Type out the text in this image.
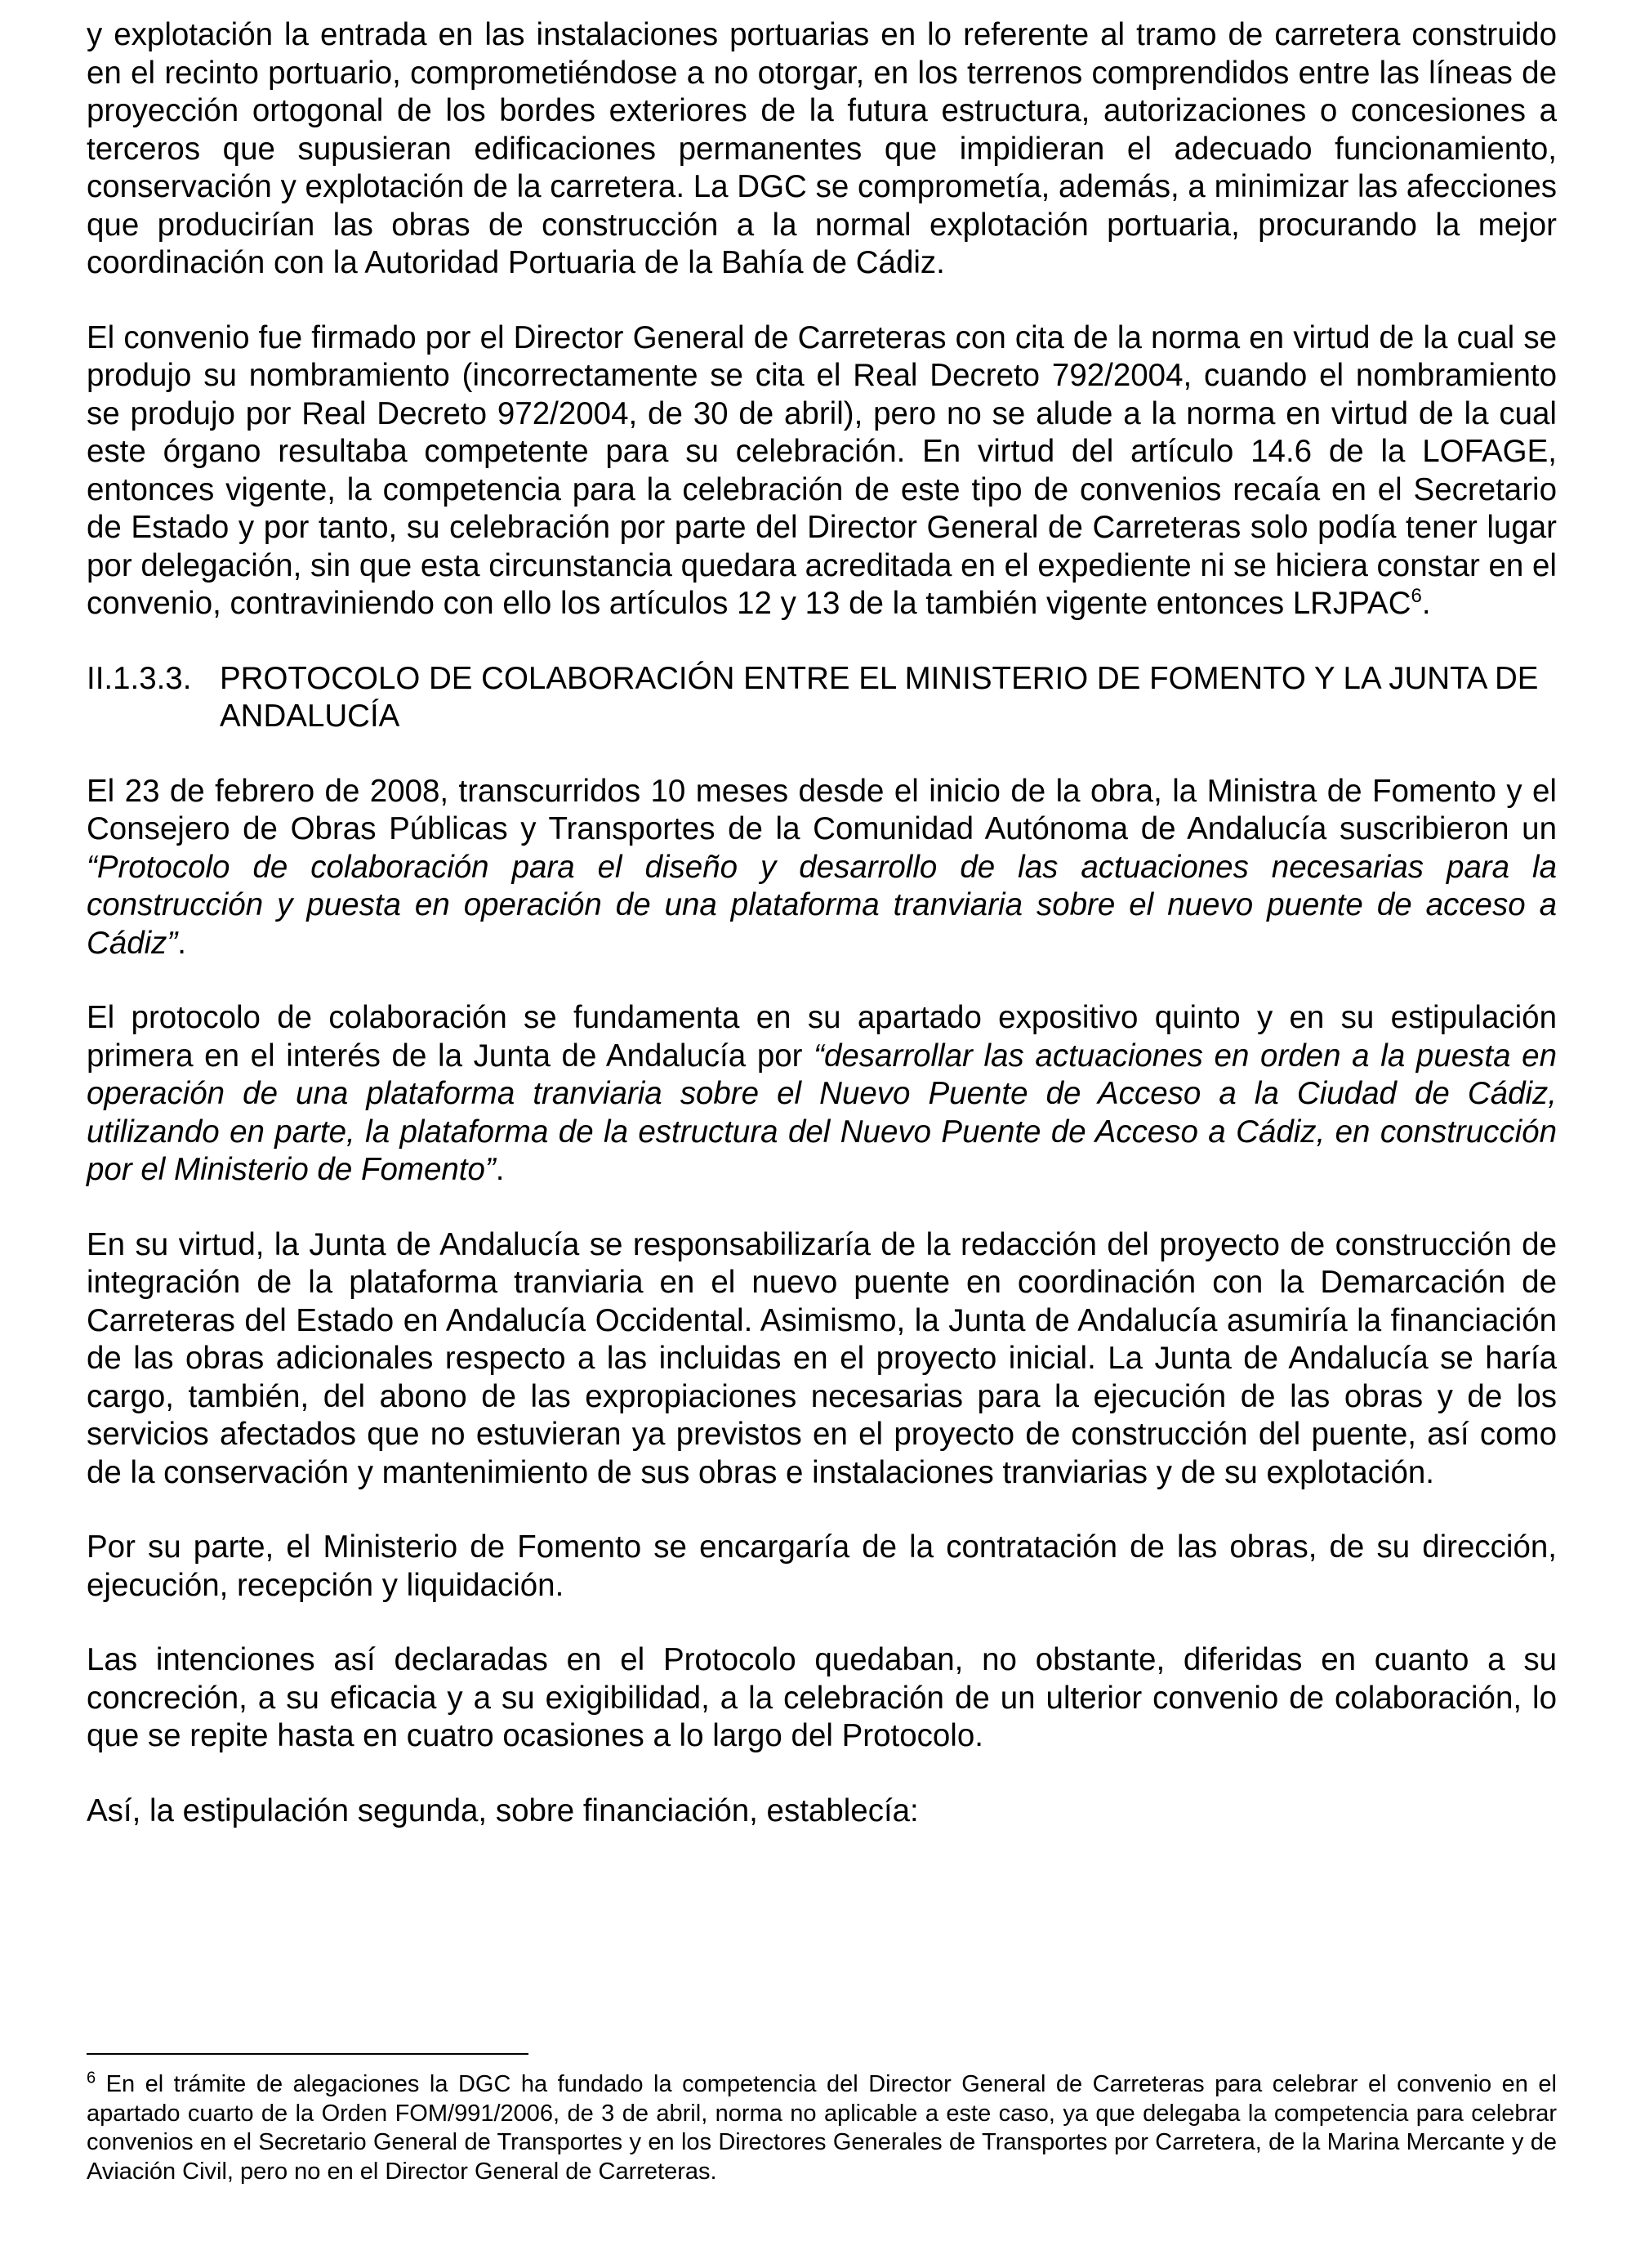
y explotación la entrada en las instalaciones portuarias en lo referente al tramo de carretera construido en el recinto portuario, comprometiéndose a no otorgar, en los terrenos comprendidos entre las líneas de proyección ortogonal de los bordes exteriores de la futura estructura, autorizaciones o concesiones a terceros que supusieran edificaciones permanentes que impidieran el adecuado funcionamiento, conservación y explotación de la carretera. La DGC se comprometía, además, a minimizar las afecciones que producirían las obras de construcción a la normal explotación portuaria, procurando la mejor coordinación con la Autoridad Portuaria de la Bahía de Cádiz.

El convenio fue firmado por el Director General de Carreteras con cita de la norma en virtud de la cual se produjo su nombramiento (incorrectamente se cita el Real Decreto 792/2004, cuando el nombramiento se produjo por Real Decreto 972/2004, de 30 de abril), pero no se alude a la norma en virtud de la cual este órgano resultaba competente para su celebración. En virtud del artículo 14.6 de la LOFAGE, entonces vigente, la competencia para la celebración de este tipo de convenios recaía en el Secretario de Estado y por tanto, su celebración por parte del Director General de Carreteras solo podía tener lugar por delegación, sin que esta circunstancia quedara acreditada en el expediente ni se hiciera constar en el convenio, contraviniendo con ello los artículos 12 y 13 de la también vigente entonces LRJPAC$^6$.

II.1.3.3. PROTOCOLO DE COLABORACIÓN ENTRE EL MINISTERIO DE FOMENTO Y LA JUNTA DE ANDALUCÍA

El 23 de febrero de 2008, transcurridos 10 meses desde el inicio de la obra, la Ministra de Fomento y el Consejero de Obras Públicas y Transportes de la Comunidad Autónoma de Andalucía suscribieron un “Protocolo de colaboración para el diseño y desarrollo de las actuaciones necesarias para la construcción y puesta en operación de una plataforma tranviaria sobre el nuevo puente de acceso a Cádiz”.

El protocolo de colaboración se fundamenta en su apartado expositivo quinto y en su estipulación primera en el interés de la Junta de Andalucía por “desarrollar las actuaciones en orden a la puesta en operación de una plataforma tranviaria sobre el Nuevo Puente de Acceso a la Ciudad de Cádiz, utilizando en parte, la plataforma de la estructura del Nuevo Puente de Acceso a Cádiz, en construcción por el Ministerio de Fomento”.

En su virtud, la Junta de Andalucía se responsabilizaría de la redacción del proyecto de construcción de integración de la plataforma tranviaria en el nuevo puente en coordinación con la Demarcación de Carreteras del Estado en Andalucía Occidental. Asimismo, la Junta de Andalucía asumiría la financiación de las obras adicionales respecto a las incluidas en el proyecto inicial. La Junta de Andalucía se haría cargo, también, del abono de las expropiaciones necesarias para la ejecución de las obras y de los servicios afectados que no estuvieran ya previstos en el proyecto de construcción del puente, así como de la conservación y mantenimiento de sus obras e instalaciones tranviarias y de su explotación.

Por su parte, el Ministerio de Fomento se encargaría de la contratación de las obras, de su dirección, ejecución, recepción y liquidación.

Las intenciones así declaradas en el Protocolo quedaban, no obstante, diferidas en cuanto a su concreción, a su eficacia y a su exigibilidad, a la celebración de un ulterior convenio de colaboración, lo que se repite hasta en cuatro ocasiones a lo largo del Protocolo.

Así, la estipulación segunda, sobre financiación, establecía:

$^6$ En el trámite de alegaciones la DGC ha fundado la competencia del Director General de Carreteras para celebrar el convenio en el apartado cuarto de la Orden FOM/991/2006, de 3 de abril, norma no aplicable a este caso, ya que delegaba la competencia para celebrar convenios en el Secretario General de Transportes y en los Directores Generales de Transportes por Carretera, de la Marina Mercante y de Aviación Civil, pero no en el Director General de Carreteras.
